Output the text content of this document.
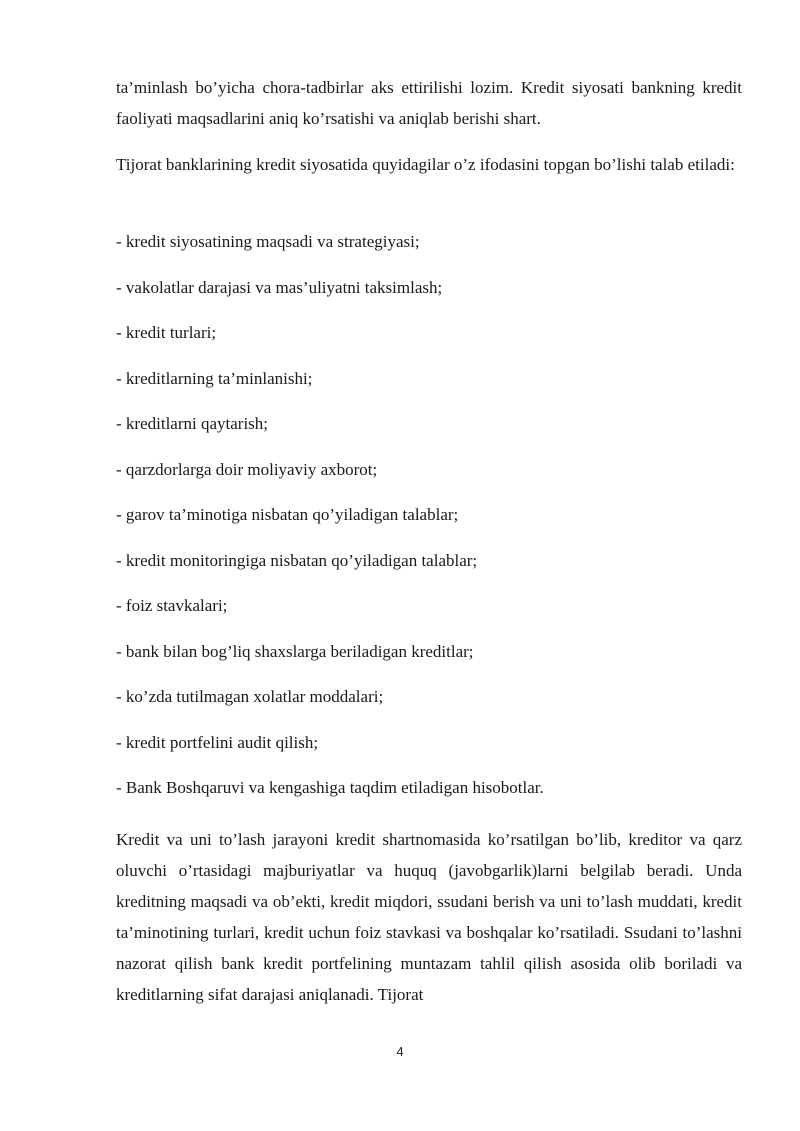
ta’minlash bo’yicha chora-tadbirlar aks ettirilishi lozim. Kredit siyosati bankning kredit faoliyati maqsadlarini aniq ko’rsatishi va aniqlab berishi shart.

Tijorat banklarining kredit siyosatida quyidagilar o’z ifodasini topgan bo’lishi talab etiladi:

- kredit siyosatining maqsadi va strategiyasi;
- vakolatlar darajasi va mas’uliyatni taksimlash;
- kredit turlari;
- kreditlarning ta’minlanishi;
- kreditlarni qaytarish;
- qarzdorlarga doir moliyaviy axborot;
- garov ta’minotiga nisbatan qo’yiladigan talablar;
- kredit monitoringiga nisbatan qo’yiladigan talablar;
- foiz stavkalari;
- bank bilan bog’liq shaxslarga beriladigan kreditlar;
- ko’zda tutilmagan xolatlar moddalari;
- kredit portfelini audit qilish;
- Bank Boshqaruvi va kengashiga taqdim etiladigan hisobotlar.

Kredit va uni to’lash jarayoni kredit shartnomasida ko’rsatilgan bo’lib, kreditor va qarz oluvchi o’rtasidagi majburiyatlar va huquq (javobgarlik)larni belgilab beradi. Unda kreditning maqsadi va ob’ekti, kredit miqdori, ssudani berish va uni to’lash muddati, kredit ta’minotining turlari, kredit uchun foiz stavkasi va boshqalar ko’rsatiladi. Ssudani to’lashni nazorat qilish bank kredit portfelining muntazam tahlil qilish asosida olib boriladi va kreditlarning sifat darajasi aniqlanadi. Tijorat

4
